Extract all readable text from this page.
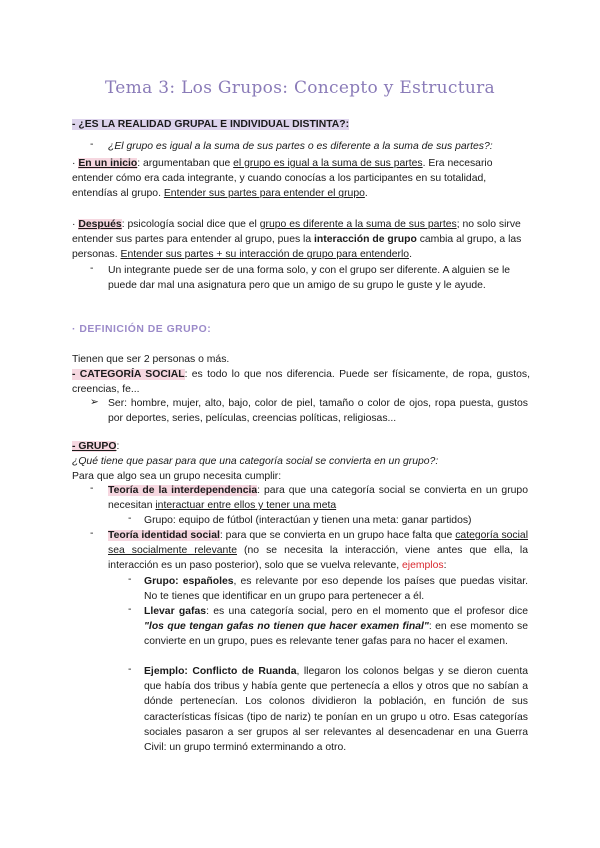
Tema 3: Los Grupos: Concepto y Estructura
- ¿ES LA REALIDAD GRUPAL E INDIVIDUAL DISTINTA?:
- ¿El grupo es igual a la suma de sus partes o es diferente a la suma de sus partes?:
· En un inicio: argumentaban que el grupo es igual a la suma de sus partes. Era necesario entender cómo era cada integrante, y cuando conocías a los participantes en su totalidad, entendías al grupo. Entender sus partes para entender el grupo.
· Después: psicología social dice que el grupo es diferente a la suma de sus partes; no solo sirve entender sus partes para entender al grupo, pues la interacción de grupo cambia al grupo, a las personas. Entender sus partes + su interacción de grupo para entenderlo.
- Un integrante puede ser de una forma solo, y con el grupo ser diferente. A alguien se le puede dar mal una asignatura pero que un amigo de su grupo le guste y le ayude.
· DEFINICIÓN DE GRUPO:
Tienen que ser 2 personas o más.
- CATEGORÍA SOCIAL: es todo lo que nos diferencia. Puede ser físicamente, de ropa, gustos, creencias, fe...
➢ Ser: hombre, mujer, alto, bajo, color de piel, tamaño o color de ojos, ropa puesta, gustos por deportes, series, películas, creencias políticas, religiosas...
- GRUPO:
¿Qué tiene que pasar para que una categoría social se convierta en un grupo?:
Para que algo sea un grupo necesita cumplir:
- Teoría de la interdependencia: para que una categoría social se convierta en un grupo necesitan interactuar entre ellos y tener una meta
- Grupo: equipo de fútbol (interactúan y tienen una meta: ganar partidos)
- Teoría identidad social: para que se convierta en un grupo hace falta que categoría social sea socialmente relevante (no se necesita la interacción, viene antes que ella, la interacción es un paso posterior), solo que se vuelva relevante, ejemplos:
- Grupo: españoles, es relevante por eso depende los países que puedas visitar. No te tienes que identificar en un grupo para pertenecer a él.
- Llevar gafas: es una categoría social, pero en el momento que el profesor dice "los que tengan gafas no tienen que hacer examen final": en ese momento se convierte en un grupo, pues es relevante tener gafas para no hacer el examen.
- Ejemplo: Conflicto de Ruanda, llegaron los colonos belgas y se dieron cuenta que había dos tribus y había gente que pertenecía a ellos y otros que no sabían a dónde pertenecían. Los colonos dividieron la población, en función de sus características físicas (tipo de nariz) te ponían en un grupo u otro. Esas categorías sociales pasaron a ser grupos al ser relevantes al desencadenar en una Guerra Civil: un grupo terminó exterminando a otro.
